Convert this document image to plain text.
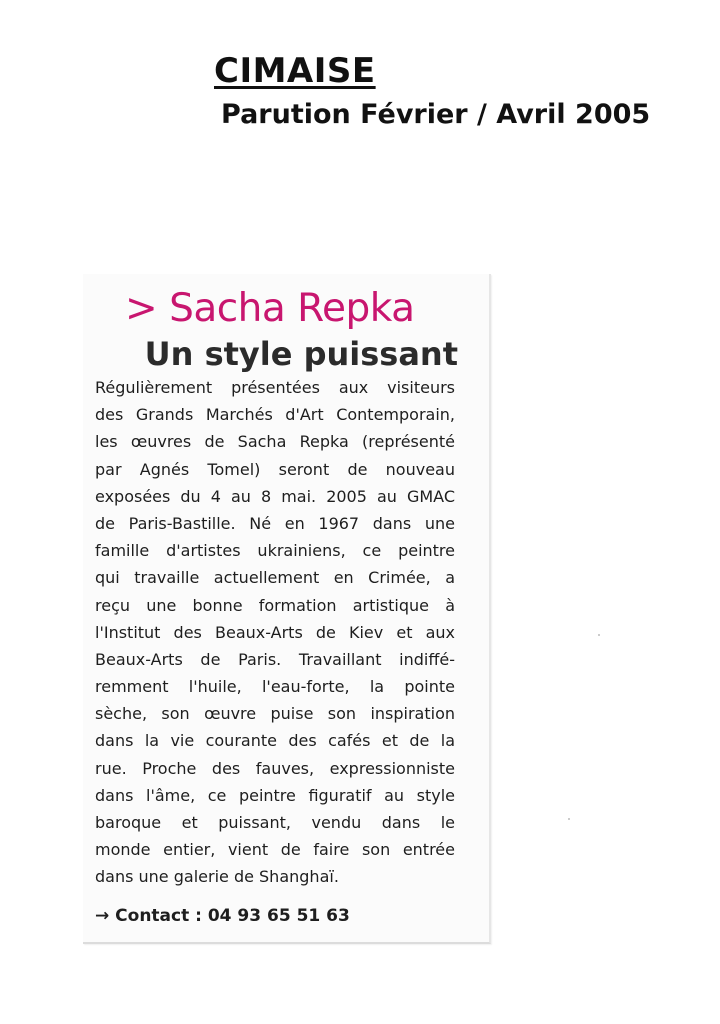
CIMAISE
Parution Février / Avril 2005
> Sacha Repka
Un style puissant
Régulièrement présentées aux visiteurs
des Grands Marchés d'Art Contemporain,
les œuvres de Sacha Repka (représenté
par Agnés Tomel) seront de nouveau
exposées du 4 au 8 mai. 2005 au GMAC
de Paris-Bastille. Né en 1967 dans une
famille d'artistes ukrainiens, ce peintre
qui travaille actuellement en Crimée, a
reçu une bonne formation artistique à
l'Institut des Beaux-Arts de Kiev et aux
Beaux-Arts de Paris. Travaillant indiffé-
remment l'huile, l'eau-forte, la pointe
sèche, son œuvre puise son inspiration
dans la vie courante des cafés et de la
rue. Proche des fauves, expressionniste
dans l'âme, ce peintre figuratif au style
baroque et puissant, vendu dans le
monde entier, vient de faire son entrée
dans une galerie de Shanghaï.
→ Contact : 04 93 65 51 63
